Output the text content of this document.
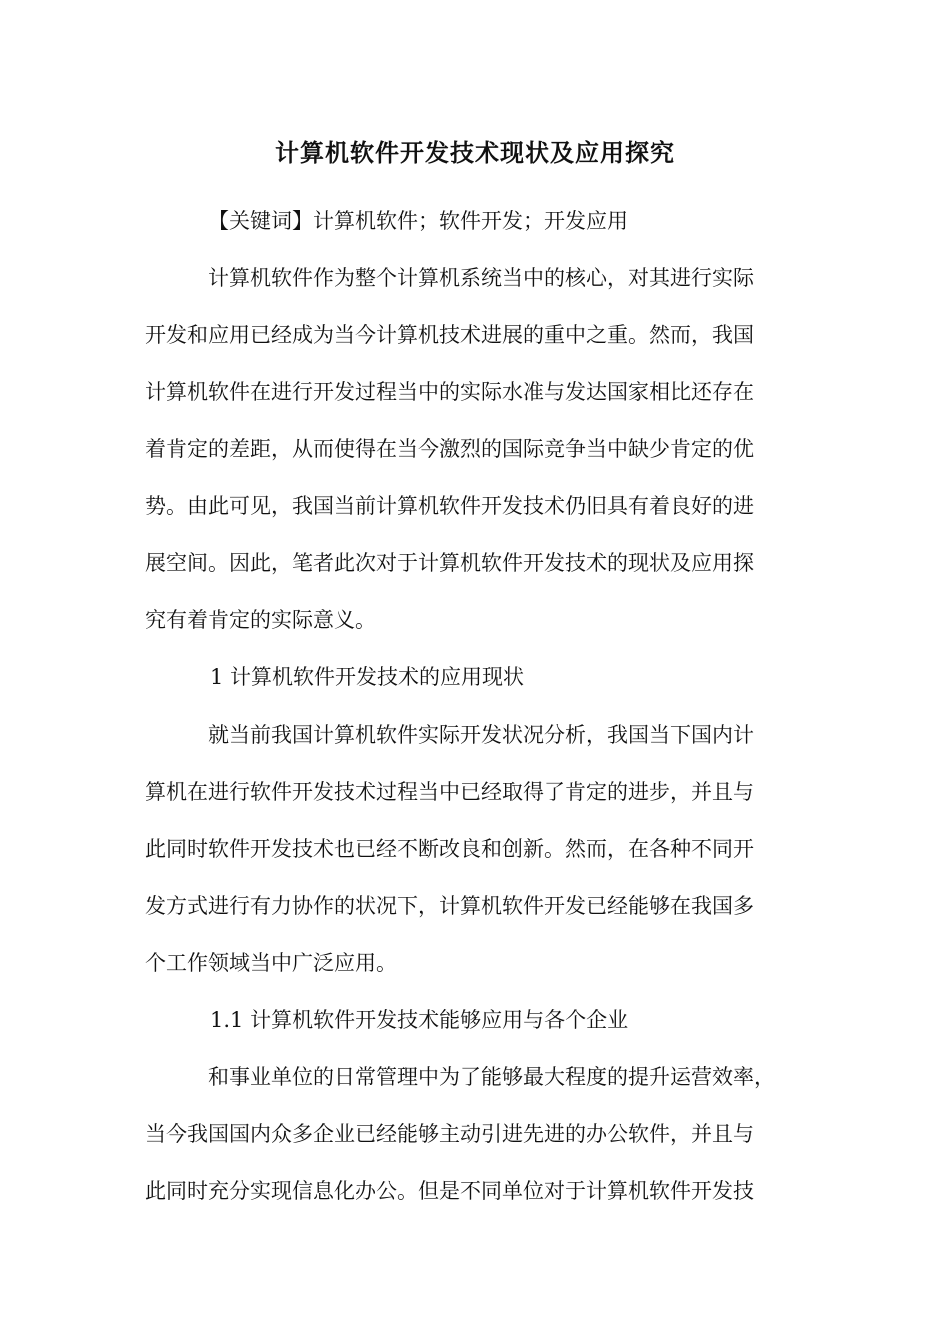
计算机软件开发技术现状及应用探究
【关键词】计算机软件；软件开发；开发应用
计算机软件作为整个计算机系统当中的核心，对其进行实际
开发和应用已经成为当今计算机技术进展的重中之重。然而，我国
计算机软件在进行开发过程当中的实际水准与发达国家相比还存在
着肯定的差距，从而使得在当今激烈的国际竞争当中缺少肯定的优
势。由此可见，我国当前计算机软件开发技术仍旧具有着良好的进
展空间。因此，笔者此次对于计算机软件开发技术的现状及应用探
究有着肯定的实际意义。
1 计算机软件开发技术的应用现状
就当前我国计算机软件实际开发状况分析，我国当下国内计
算机在进行软件开发技术过程当中已经取得了肯定的进步，并且与
此同时软件开发技术也已经不断改良和创新。然而，在各种不同开
发方式进行有力协作的状况下，计算机软件开发已经能够在我国多
个工作领域当中广泛应用。
1.1 计算机软件开发技术能够应用与各个企业
和事业单位的日常管理中为了能够最大程度的提升运营效率，
当今我国国内众多企业已经能够主动引进先进的办公软件，并且与
此同时充分实现信息化办公。但是不同单位对于计算机软件开发技
